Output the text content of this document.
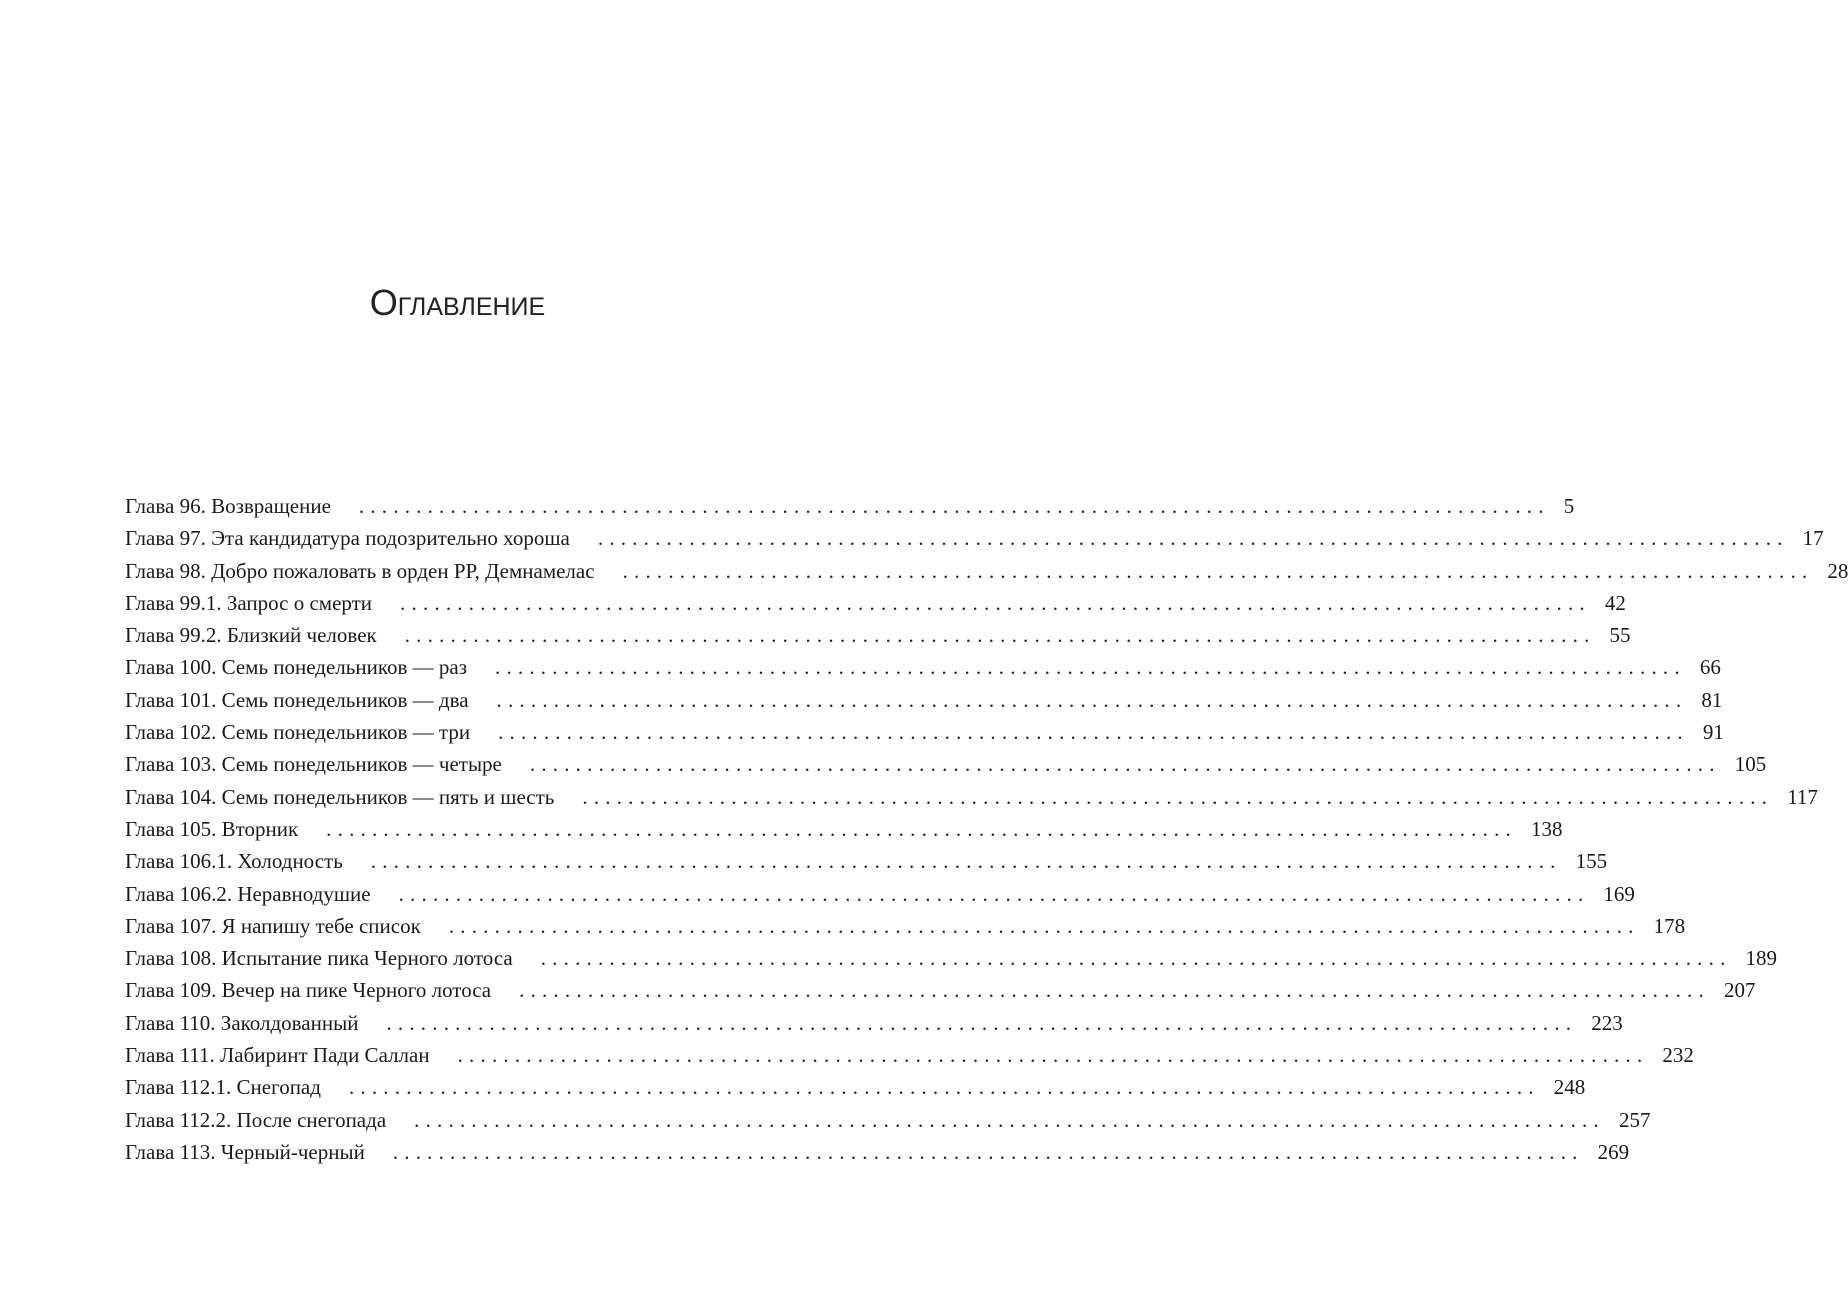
Оглавление
Глава 96. Возвращение ........................................................................................................ 5
Глава 97. Эта кандидатура подозрительно хороша ........................................................................................................ 17
Глава 98. Добро пожаловать в орден РР, Демнамелас ........................................................................................................ 28
Глава 99.1. Запрос о смерти ........................................................................................................ 42
Глава 99.2. Близкий человек ........................................................................................................ 55
Глава 100. Семь понедельников — раз ........................................................................................................ 66
Глава 101. Семь понедельников — два ........................................................................................................ 81
Глава 102. Семь понедельников — три ........................................................................................................ 91
Глава 103. Семь понедельников — четыре ........................................................................................................ 105
Глава 104. Семь понедельников — пять и шесть ........................................................................................................ 117
Глава 105. Вторник ........................................................................................................ 138
Глава 106.1. Холодность ........................................................................................................ 155
Глава 106.2. Неравнодушие ........................................................................................................ 169
Глава 107. Я напишу тебе список ........................................................................................................ 178
Глава 108. Испытание пика Черного лотоса ........................................................................................................ 189
Глава 109. Вечер на пике Черного лотоса ........................................................................................................ 207
Глава 110. Заколдованный ........................................................................................................ 223
Глава 111. Лабиринт Пади Саллан ........................................................................................................ 232
Глава 112.1. Снегопад ........................................................................................................ 248
Глава 112.2. После снегопада ........................................................................................................ 257
Глава 113. Черный-черный ........................................................................................................ 269
